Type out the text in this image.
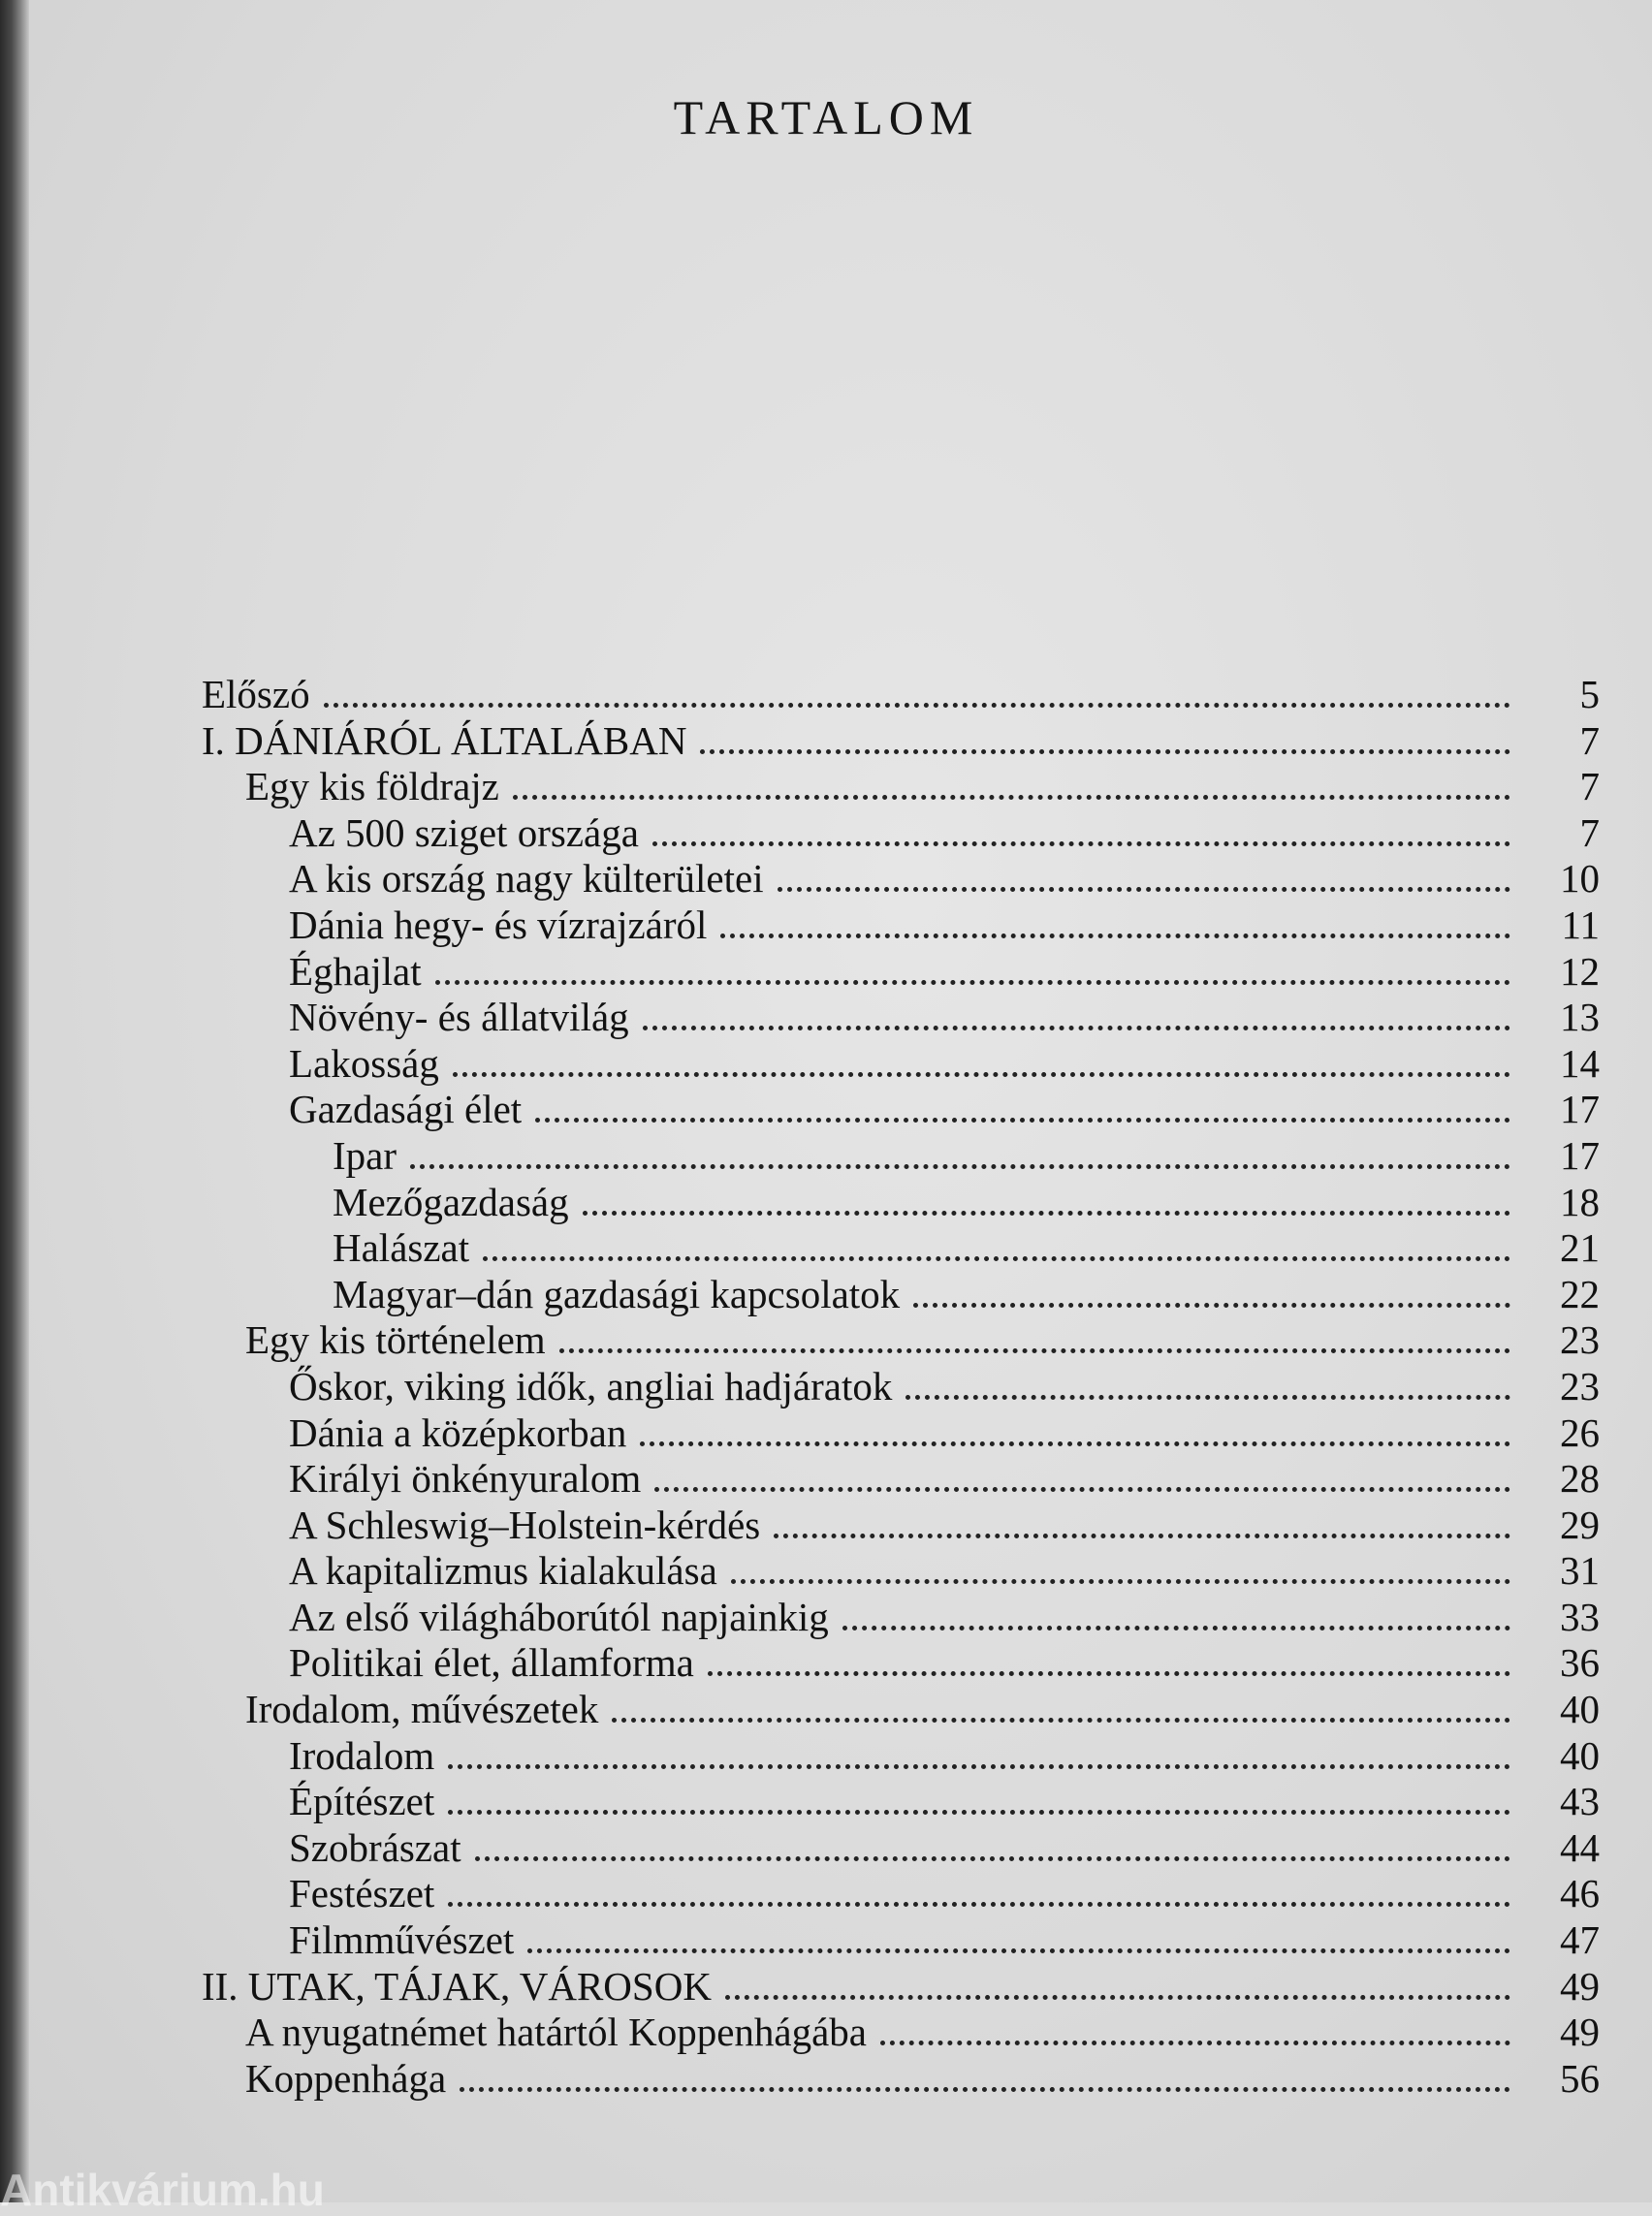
TARTALOM
Előszó	5
I. DÁNIÁRÓL ÁLTALÁBAN	7
Egy kis földrajz	7
Az 500 sziget országa	7
A kis ország nagy külterületei	10
Dánia hegy- és vízrajzáról	11
Éghajlat	12
Növény- és állatvilág	13
Lakosság	14
Gazdasági élet	17
Ipar	17
Mezőgazdaság	18
Halászat	21
Magyar–dán gazdasági kapcsolatok	22
Egy kis történelem	23
Őskor, viking idők, angliai hadjáratok	23
Dánia a középkorban	26
Királyi önkényuralom	28
A Schleswig–Holstein-kérdés	29
A kapitalizmus kialakulása	31
Az első világháborútól napjainkig	33
Politikai élet, államforma	36
Irodalom, művészetek	40
Irodalom	40
Építészet	43
Szobrászat	44
Festészet	46
Filmművészet	47
II. UTAK, TÁJAK, VÁROSOK	49
A nyugatnémet határtól Koppenhágába	49
Koppenhága	56
Antikvárium.hu
